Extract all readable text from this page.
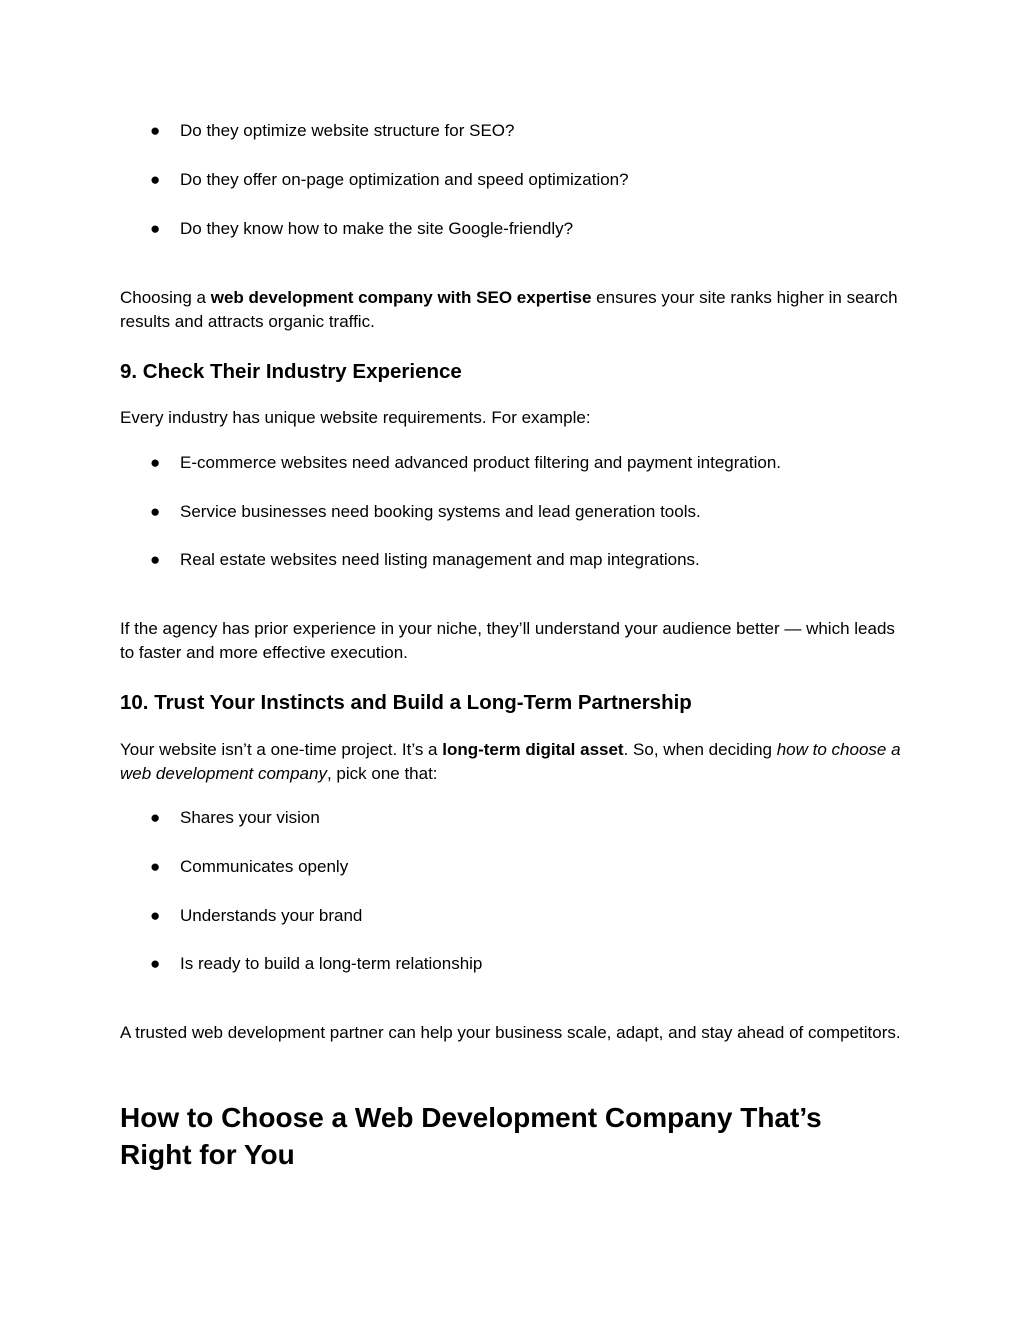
● Do they optimize website structure for SEO?
● Do they offer on-page optimization and speed optimization?
● Do they know how to make the site Google-friendly?

Choosing a web development company with SEO expertise ensures your site ranks higher in search results and attracts organic traffic.

9. Check Their Industry Experience

Every industry has unique website requirements. For example:

● E-commerce websites need advanced product filtering and payment integration.
● Service businesses need booking systems and lead generation tools.
● Real estate websites need listing management and map integrations.

If the agency has prior experience in your niche, they’ll understand your audience better — which leads to faster and more effective execution.

10. Trust Your Instincts and Build a Long-Term Partnership

Your website isn’t a one-time project. It’s a long-term digital asset. So, when deciding how to choose a web development company, pick one that:

● Shares your vision
● Communicates openly
● Understands your brand
● Is ready to build a long-term relationship

A trusted web development partner can help your business scale, adapt, and stay ahead of competitors.

How to Choose a Web Development Company That’s Right for You
